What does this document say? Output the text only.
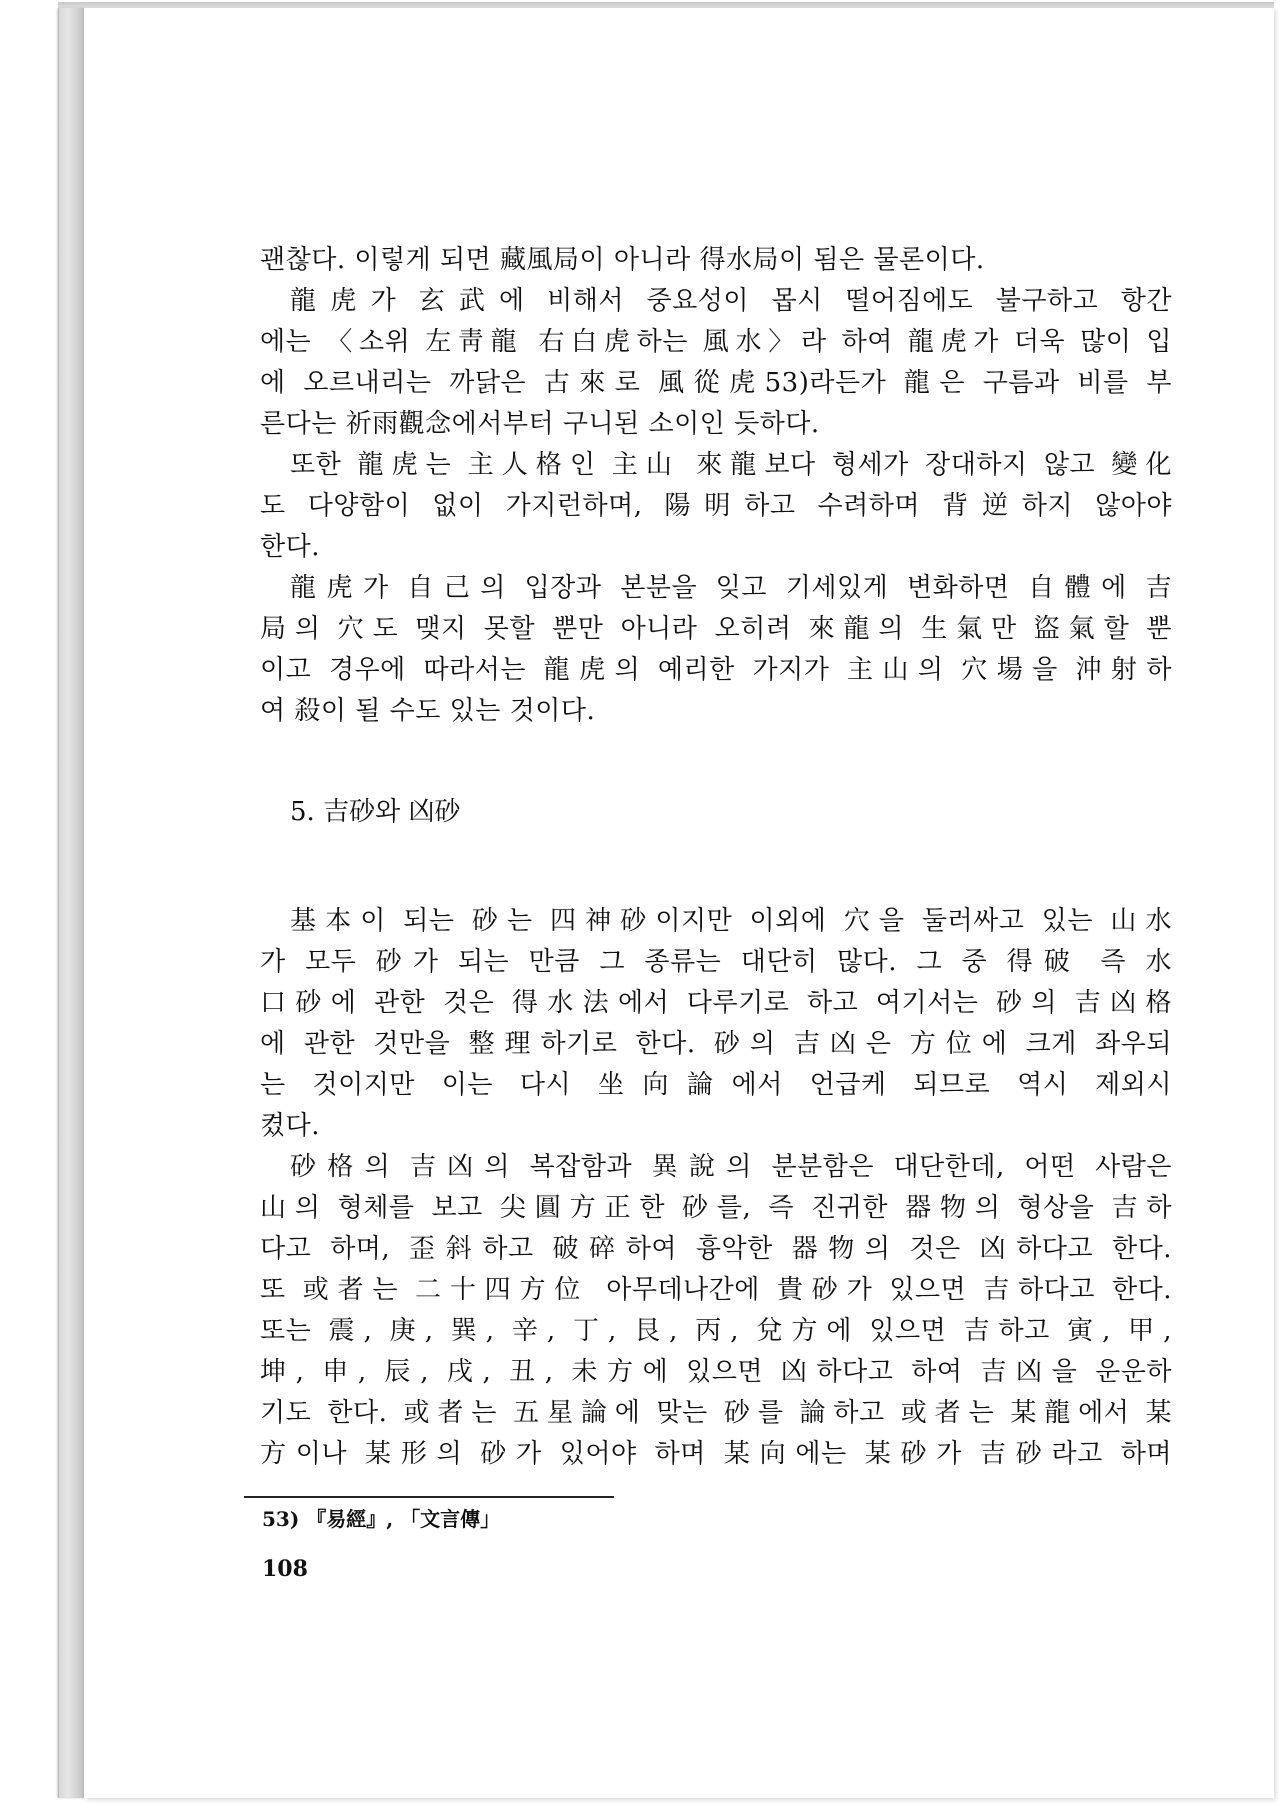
괜찮다. 이렇게 되면 藏風局이 아니라 得水局이 됨은 물론이다.

龍虎가 玄武에 비해서 중요성이 몹시 떨어짐에도 불구하고 항간

에는 〈소위 左靑龍 右白虎하는 風水〉라 하여 龍虎가 더욱 많이 입

에 오르내리는 까닭은 古來로 風從虎53)라든가 龍은 구름과 비를 부

른다는 祈雨觀念에서부터 구니된 소이인 듯하다.

또한 龍虎는 主人格인 主山 來龍보다 형세가 장대하지 않고 變化

도 다양함이 없이 가지런하며, 陽明하고 수려하며 背逆하지 않아야

한다.

龍虎가 自己의 입장과 본분을 잊고 기세있게 변화하면 自體에 吉

局의 穴도 맺지 못할 뿐만 아니라 오히려 來龍의 生氣만 盜氣할 뿐

이고 경우에 따라서는 龍虎의 예리한 가지가 主山의 穴場을 沖射하

여 殺이 될 수도 있는 것이다.

5. 吉砂와 凶砂

基本이 되는 砂는 四神砂이지만 이외에 穴을 둘러싸고 있는 山水

가 모두 砂가 되는 만큼 그 종류는 대단히 많다. 그 중 得破 즉 水

口砂에 관한 것은 得水法에서 다루기로 하고 여기서는 砂의 吉凶格

에 관한 것만을 整理하기로 한다. 砂의 吉凶은 方位에 크게 좌우되

는 것이지만 이는 다시 坐向論에서 언급케 되므로 역시 제외시

켰다.

砂格의 吉凶의 복잡함과 異說의 분분함은 대단한데, 어떤 사람은

山의 형체를 보고 尖圓方正한 砂를, 즉 진귀한 器物의 형상을 吉하

다고 하며, 歪斜하고 破碎하여 흉악한 器物의 것은 凶하다고 한다.

또 或者는 二十四方位 아무데나간에 貴砂가 있으면 吉하다고 한다.

또는 震, 庚, 巽, 辛, 丁, 艮, 丙, 兌方에 있으면 吉하고 寅, 甲,

坤, 申, 辰, 戌, 丑, 未方에 있으면 凶하다고 하여 吉凶을 운운하

기도 한다. 或者는 五星論에 맞는 砂를 論하고 或者는 某龍에서 某

方이나 某形의 砂가 있어야 하며 某向에는 某砂가 吉砂라고 하며

53) 『易經』, 「文言傳」
108
